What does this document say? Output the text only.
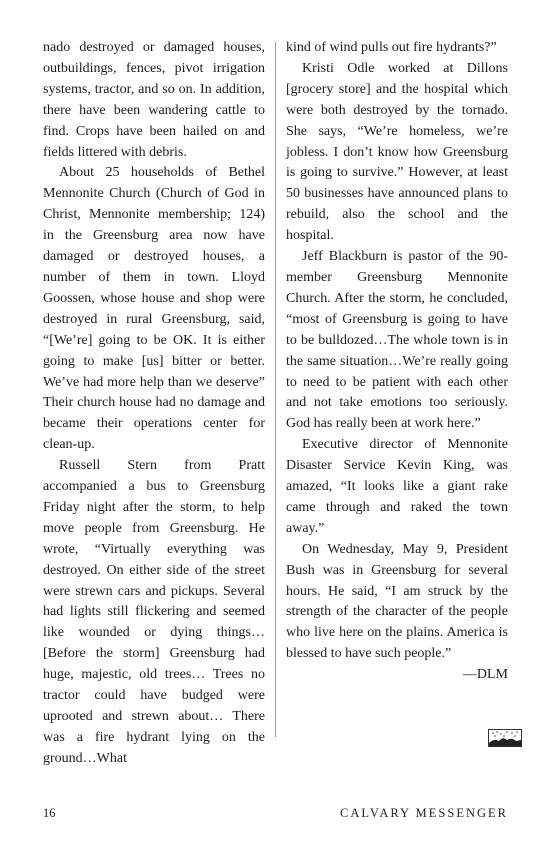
nado destroyed or damaged houses, outbuildings, fences, pivot irrigation systems, tractor, and so on. In addition, there have been wandering cattle to find. Crops have been hailed on and fields littered with debris.

About 25 households of Bethel Mennonite Church (Church of God in Christ, Mennonite membership; 124) in the Greensburg area now have damaged or destroyed houses, a number of them in town. Lloyd Goossen, whose house and shop were destroyed in rural Greensburg, said, “[We’re] going to be OK. It is either going to make [us] bitter or better. We’ve had more help than we deserve” Their church house had no damage and became their operations center for clean-up.

Russell Stern from Pratt accompanied a bus to Greensburg Friday night after the storm, to help move people from Greensburg. He wrote, “Virtually everything was destroyed. On either side of the street were strewn cars and pickups. Several had lights still flickering and seemed like wounded or dying things… [Before the storm] Greensburg had huge, majestic, old trees… Trees no tractor could have budged were uprooted and strewn about… There was a fire hydrant lying on the ground…What

kind of wind pulls out fire hydrants?”

Kristi Odle worked at Dillons [grocery store] and the hospital which were both destroyed by the tornado. She says, “We’re homeless, we’re jobless. I don’t know how Greensburg is going to survive.” However, at least 50 businesses have announced plans to rebuild, also the school and the hospital.

Jeff Blackburn is pastor of the 90-member Greensburg Mennonite Church. After the storm, he concluded, “most of Greensburg is going to have to be bulldozed…The whole town is in the same situation…We’re really going to need to be patient with each other and not take emotions too seriously. God has really been at work here.”

Executive director of Mennonite Disaster Service Kevin King, was amazed, “It looks like a giant rake came through and raked the town away.”

On Wednesday, May 9, President Bush was in Greensburg for several hours. He said, “I am struck by the strength of the character of the people who live here on the plains. America is blessed to have such people.”

—DLM

16	CALVARY MESSENGER
